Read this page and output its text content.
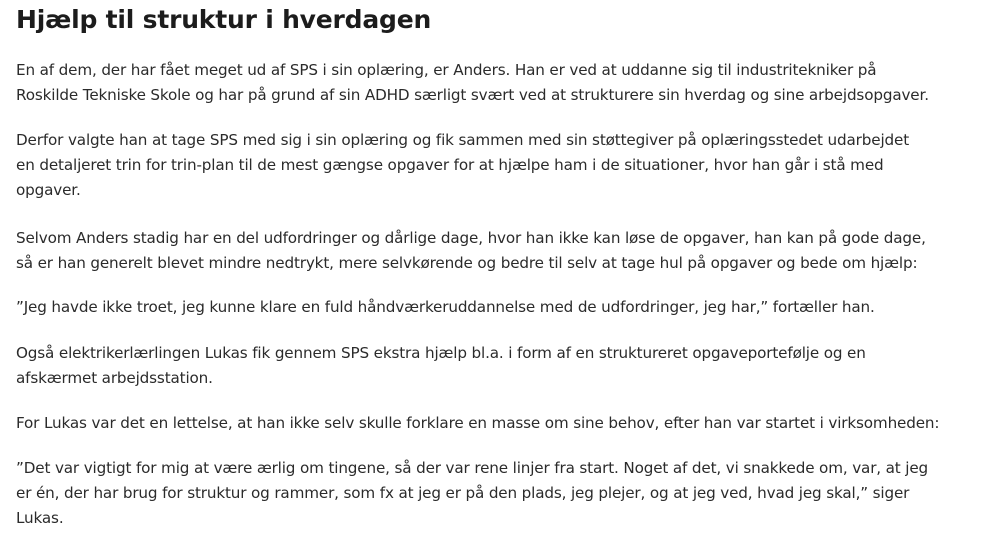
Hjælp til struktur i hverdagen

En af dem, der har fået meget ud af SPS i sin oplæring, er Anders. Han er ved at uddanne sig til industritekniker på
Roskilde Tekniske Skole og har på grund af sin ADHD særligt svært ved at strukturere sin hverdag og sine arbejdsopgaver.

Derfor valgte han at tage SPS med sig i sin oplæring og fik sammen med sin støttegiver på oplæringsstedet udarbejdet
en detaljeret trin for trin-plan til de mest gængse opgaver for at hjælpe ham i de situationer, hvor han går i stå med
opgaver.

Selvom Anders stadig har en del udfordringer og dårlige dage, hvor han ikke kan løse de opgaver, han kan på gode dage,
så er han generelt blevet mindre nedtrykt, mere selvkørende og bedre til selv at tage hul på opgaver og bede om hjælp:

”Jeg havde ikke troet, jeg kunne klare en fuld håndværkeruddannelse med de udfordringer, jeg har,” fortæller han.

Også elektrikerlærlingen Lukas fik gennem SPS ekstra hjælp bl.a. i form af en struktureret opgaveportefølje og en
afskærmet arbejdsstation.

For Lukas var det en lettelse, at han ikke selv skulle forklare en masse om sine behov, efter han var startet i virksomheden:

”Det var vigtigt for mig at være ærlig om tingene, så der var rene linjer fra start. Noget af det, vi snakkede om, var, at jeg
er én, der har brug for struktur og rammer, som fx at jeg er på den plads, jeg plejer, og at jeg ved, hvad jeg skal,” siger
Lukas.
